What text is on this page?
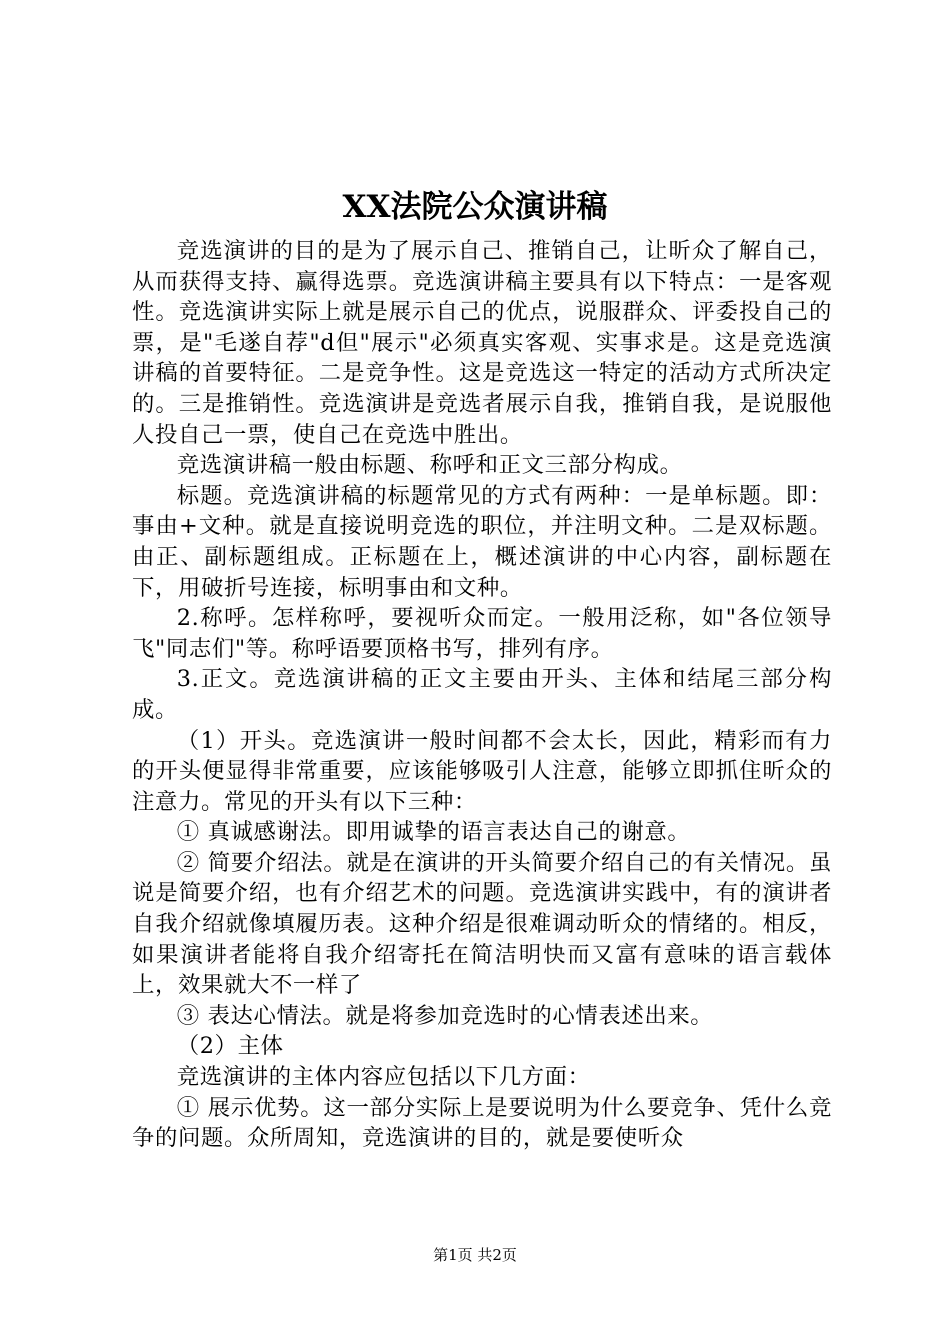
XX法院公众演讲稿

竞选演讲的目的是为了展示自己、推销自己，让昕众了解自己，从而获得支持、赢得选票。竞选演讲稿主要具有以下特点：一是客观性。竞选演讲实际上就是展示自己的优点，说服群众、评委投自己的票，是"毛遂自荐"d但"展示"必须真实客观、实事求是。这是竞选演讲稿的首要特征。二是竞争性。这是竞选这一特定的活动方式所决定的。三是推销性。竞选演讲是竞选者展示自我，推销自我，是说服他人投自己一票，使自己在竞选中胜出。

竞选演讲稿一般由标题、称呼和正文三部分构成。

标题。竞选演讲稿的标题常见的方式有两种：一是单标题。即：事由+文种。就是直接说明竞选的职位，并注明文种。二是双标题。由正、副标题组成。正标题在上，概述演讲的中心内容，副标题在下，用破折号连接，标明事由和文种。

2.称呼。怎样称呼，要视听众而定。一般用泛称，如"各位领导飞"同志们"等。称呼语要顶格书写，排列有序。

3.正文。竞选演讲稿的正文主要由开头、主体和结尾三部分构成。

（1）开头。竞选演讲一般时间都不会太长，因此，精彩而有力的开头便显得非常重要，应该能够吸引人注意，能够立即抓住昕众的注意力。常见的开头有以下三种：

① 真诚感谢法。即用诚挚的语言表达自己的谢意。

② 简要介绍法。就是在演讲的开头简要介绍自己的有关情况。虽说是简要介绍，也有介绍艺术的问题。竞选演讲实践中，有的演讲者自我介绍就像填履历表。这种介绍是很难调动昕众的情绪的。相反，如果演讲者能将自我介绍寄托在简洁明快而又富有意味的语言载体上，效果就大不一样了

③ 表达心情法。就是将参加竞选时的心情表述出来。

（2）主体

竞选演讲的主体内容应包括以下几方面：

① 展示优势。这一部分实际上是要说明为什么要竞争、凭什么竞争的问题。众所周知，竞选演讲的目的，就是要使听众

第1页 共2页
